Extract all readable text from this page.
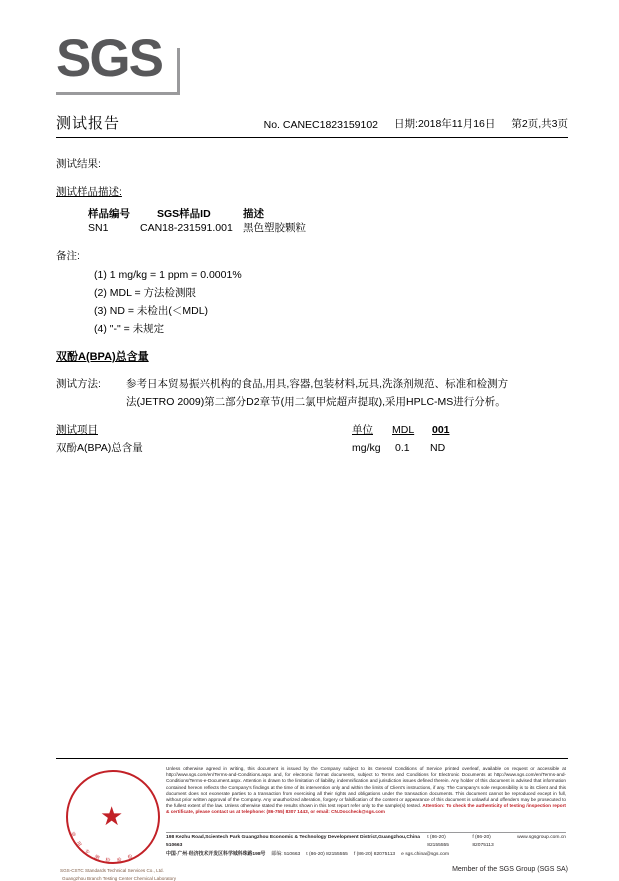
SGS
测试报告	No. CANEC1823159102 日期:2018年11月16日 第2页,共3页
测试结果:
测试样品描述:
样品编号	SGS样品ID	描述
SN1	CAN18-231591.001 黑色塑胶颗粒
备注:
(1) 1 mg/kg = 1 ppm = 0.0001%
(2) MDL = 方法检测限
(3) ND = 未检出(＜MDL)
(4) "-" = 未规定
双酚A(BPA)总含量
测试方法: 参考日本贸易振兴机构的食品,用具,容器,包装材料,玩具,洗涤剂规范、标准和检测方
法(JETRO 2009)第二部分D2章节(用二氯甲烷超声提取),采用HPLC-MS进行分析。
测试项目	单位 MDL 001
双酚A(BPA)总含量	mg/kg 0.1 ND
★
检
验
检
测
专
用
章
SGS-CSTC Standards Technical Services Co., Ltd.
Guangzhou Branch Testing Center Chemical Laboratory
Unless otherwise agreed in writing, this document is issued by the Company subject to its General Conditions of Service printed overleaf, available on request or accessible at http://www.sgs.com/en/Terms-and-Conditions.aspx and, for electronic format documents, subject to Terms and Conditions for Electronic Documents at http://www.sgs.com/en/Terms-and-Conditions/Terms-e-Document.aspx. Attention is drawn to the limitation of liability, indemnification and jurisdiction issues defined therein. Any holder of this document is advised that information contained hereon reflects the Company's findings at the time of its intervention only and within the limits of Client's instructions, if any. The Company's sole responsibility is to its Client and this document does not exonerate parties to a transaction from exercising all their rights and obligations under the transaction documents. This document cannot be reproduced except in full, without prior written approval of the Company. Any unauthorized alteration, forgery or falsification of the content or appearance of this document is unlawful and offenders may be prosecuted to the fullest extent of the law. Unless otherwise stated the results shown in this test report refer only to the sample(s) tested. Attention: To check the authenticity of testing /inspection report & certificate, please contact us at telephone: (86-755) 8307 1443, or email: CN.Doccheck@sgs.com
198 Kezhu Road,Scientech Park Guangzhou Economic & Technology Development District,Guangzhou,China 510663
t (86-20) 82155555
f (86-20) 82075113
www.sgsgroup.com.cn
中国·广州·经济技术开发区科学城科珠路198号 邮编: 510663 t (86-20) 82155555 f (86-20) 82075113 e sgs.china@sgs.com
Member of the SGS Group (SGS SA)
